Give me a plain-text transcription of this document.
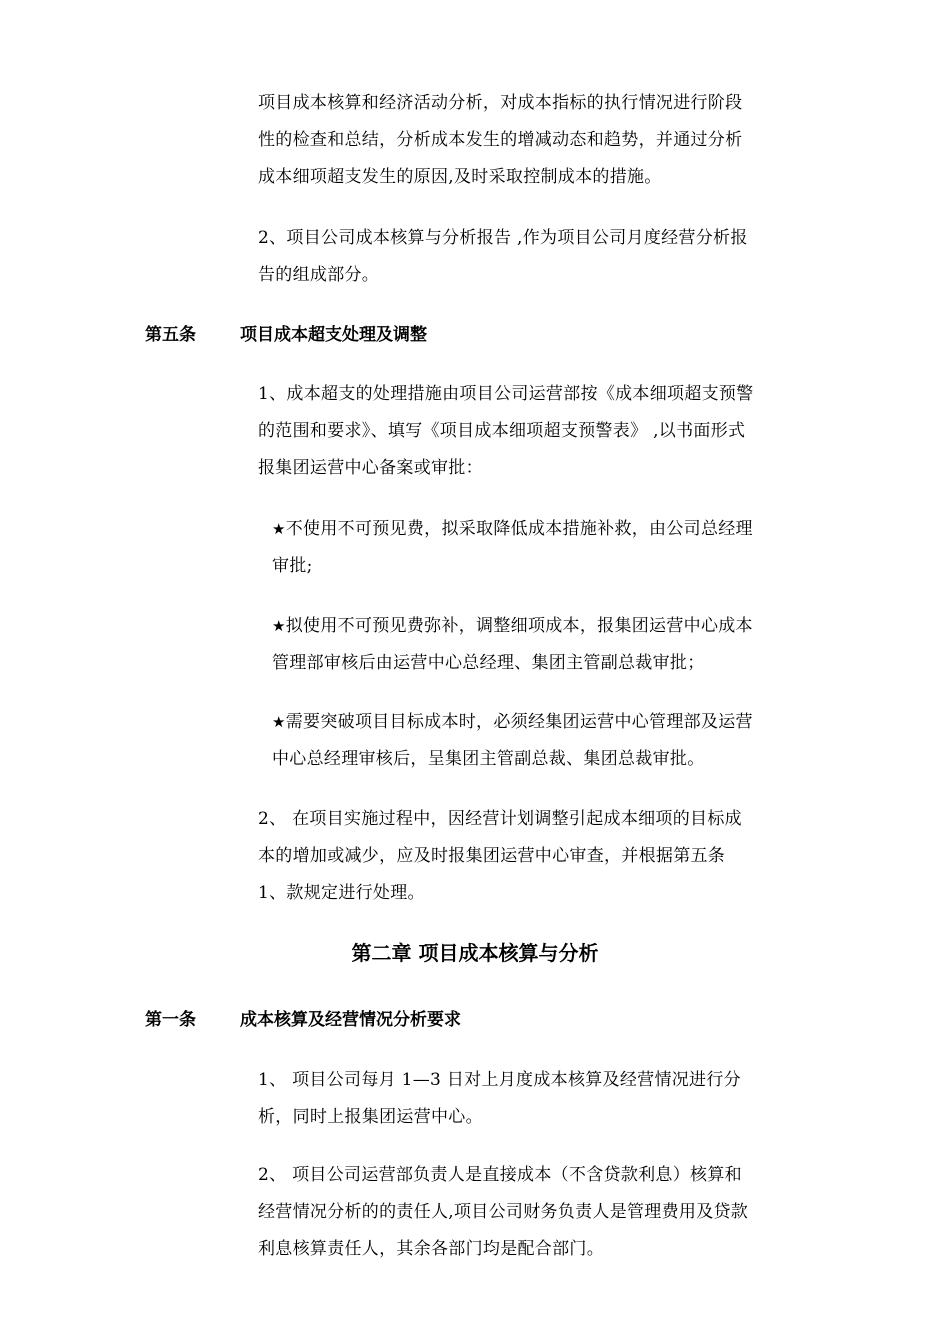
项目成本核算和经济活动分析，对成本指标的执行情况进行阶段
性的检查和总结，分析成本发生的增减动态和趋势，并通过分析
成本细项超支发生的原因,及时采取控制成本的措施。
2、项目公司成本核算与分析报告 ,作为项目公司月度经营分析报
告的组成部分。
第五条	项目成本超支处理及调整
1、成本超支的处理措施由项目公司运营部按《成本细项超支预警
的范围和要求》、填写《项目成本细项超支预警表》 ,以书面形式
报集团运营中心备案或审批：
★不使用不可预见费，拟采取降低成本措施补救，由公司总经理
审批;
★拟使用不可预见费弥补，调整细项成本，报集团运营中心成本
管理部审核后由运营中心总经理、集团主管副总裁审批；
★需要突破项目目标成本时，必须经集团运营中心管理部及运营
中心总经理审核后，呈集团主管副总裁、集团总裁审批。
2、 在项目实施过程中，因经营计划调整引起成本细项的目标成
本的增加或减少，应及时报集团运营中心审查，并根据第五条
1、款规定进行处理。
第二章 项目成本核算与分析
第一条	成本核算及经营情况分析要求
1、 项目公司每月 1—3 日对上月度成本核算及经营情况进行分
析，同时上报集团运营中心。
2、 项目公司运营部负责人是直接成本（不含贷款利息）核算和
经营情况分析的的责任人,项目公司财务负责人是管理费用及贷款
利息核算责任人，其余各部门均是配合部门。
